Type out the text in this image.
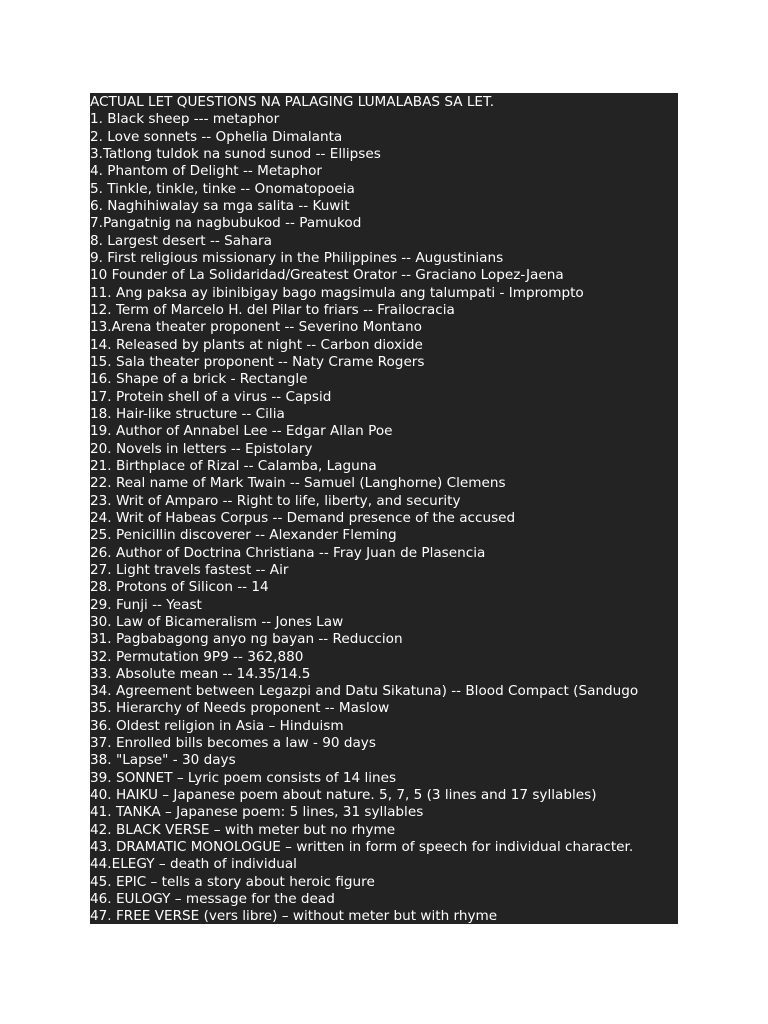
ACTUAL LET QUESTIONS NA PALAGING LUMALABAS SA LET.
1. Black sheep --- metaphor
2. Love sonnets -- Ophelia Dimalanta
3.Tatlong tuldok na sunod sunod -- Ellipses
4. Phantom of Delight -- Metaphor
5. Tinkle, tinkle, tinke -- Onomatopoeia
6. Naghihiwalay sa mga salita -- Kuwit
7.Pangatnig na nagbubukod -- Pamukod
8. Largest desert -- Sahara
9. First religious missionary in the Philippines -- Augustinians
10 Founder of La Solidaridad/Greatest Orator -- Graciano Lopez-Jaena
11. Ang paksa ay ibinibigay bago magsimula ang talumpati - Impromptо
12. Term of Marcelo H. del Pilar to friars -- Frailocracia
13.Arena theater proponent -- Severino Montano
14. Released by plants at night -- Carbon dioxide
15. Sala theater proponent -- Naty Crame Rogers
16. Shape of a brick - Rectangle
17. Protein shell of a virus -- Capsid
18. Hair-like structure -- Cilia
19. Author of Annabel Lee -- Edgar Allan Poe
20. Novels in letters -- Epistolary
21. Birthplace of Rizal -- Calamba, Laguna
22. Real name of Mark Twain -- Samuel (Langhorne) Clemens
23. Writ of Amparo -- Right to life, liberty, and security
24. Writ of Habeas Corpus -- Demand presence of the accused
25. Penicillin discoverer -- Alexander Fleming
26. Author of Doctrina Christiana -- Fray Juan de Plasencia
27. Light travels fastest -- Air
28. Protons of Silicon -- 14
29. Funji -- Yeast
30. Law of Bicameralism -- Jones Law
31. Pagbabagong anyo ng bayan -- Reduccion
32. Permutation 9P9 -- 362,880
33. Absolute mean -- 14.35/14.5
34. Agreement between Legazpi and Datu Sikatuna) -- Blood Compact (Sandugo
35. Hierarchy of Needs proponent -- Maslow
36. Oldest religion in Asia – Hinduism
37. Enrolled bills becomes a law - 90 days
38. "Lapse" - 30 days
39. SONNET – Lyric poem consists of 14 lines
40. HAIKU – Japanese poem about nature. 5, 7, 5 (3 lines and 17 syllables)
41. TANKA – Japanese poem: 5 lines, 31 syllables
42. BLACK VERSE – with meter but no rhyme
43. DRAMATIC MONOLOGUE – written in form of speech for individual character.
44.ELEGY – death of individual
45. EPIC – tells a story about heroic figure
46. EULOGY – message for the dead
47. FREE VERSE (vers libre) – without meter but with rhyme
